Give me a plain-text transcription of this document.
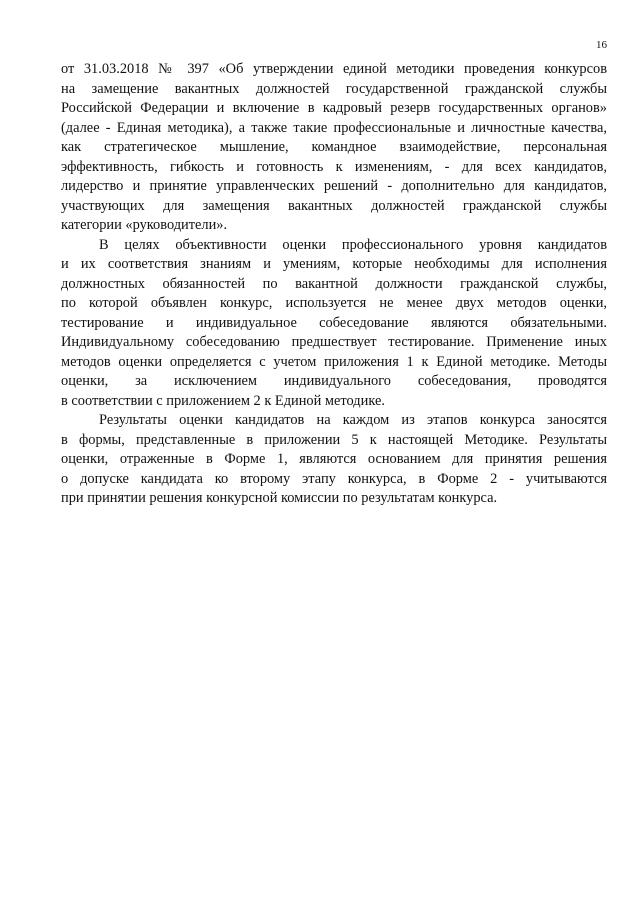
16
от 31.03.2018 № 397 «Об утверждении единой методики проведения конкурсов
на замещение вакантных должностей государственной гражданской службы
Российской Федерации и включение в кадровый резерв государственных органов»
(далее - Единая методика), а также такие профессиональные и личностные качества,
как стратегическое мышление, командное взаимодействие, персональная
эффективность, гибкость и готовность к изменениям, - для всех кандидатов,
лидерство и принятие управленческих решений - дополнительно для кандидатов,
участвующих для замещения вакантных должностей гражданской службы
категории «руководители».
В целях объективности оценки профессионального уровня кандидатов
и их соответствия знаниям и умениям, которые необходимы для исполнения
должностных обязанностей по вакантной должности гражданской службы,
по которой объявлен конкурс, используется не менее двух методов оценки,
тестирование и индивидуальное собеседование являются обязательными.
Индивидуальному собеседованию предшествует тестирование. Применение иных
методов оценки определяется с учетом приложения 1 к Единой методике. Методы
оценки, за исключением индивидуального собеседования, проводятся
в соответствии с приложением 2 к Единой методике.
Результаты оценки кандидатов на каждом из этапов конкурса заносятся
в формы, представленные в приложении 5 к настоящей Методике. Результаты
оценки, отраженные в Форме 1, являются основанием для принятия решения
о допуске кандидата ко второму этапу конкурса, в Форме 2 - учитываются
при принятии решения конкурсной комиссии по результатам конкурса.
